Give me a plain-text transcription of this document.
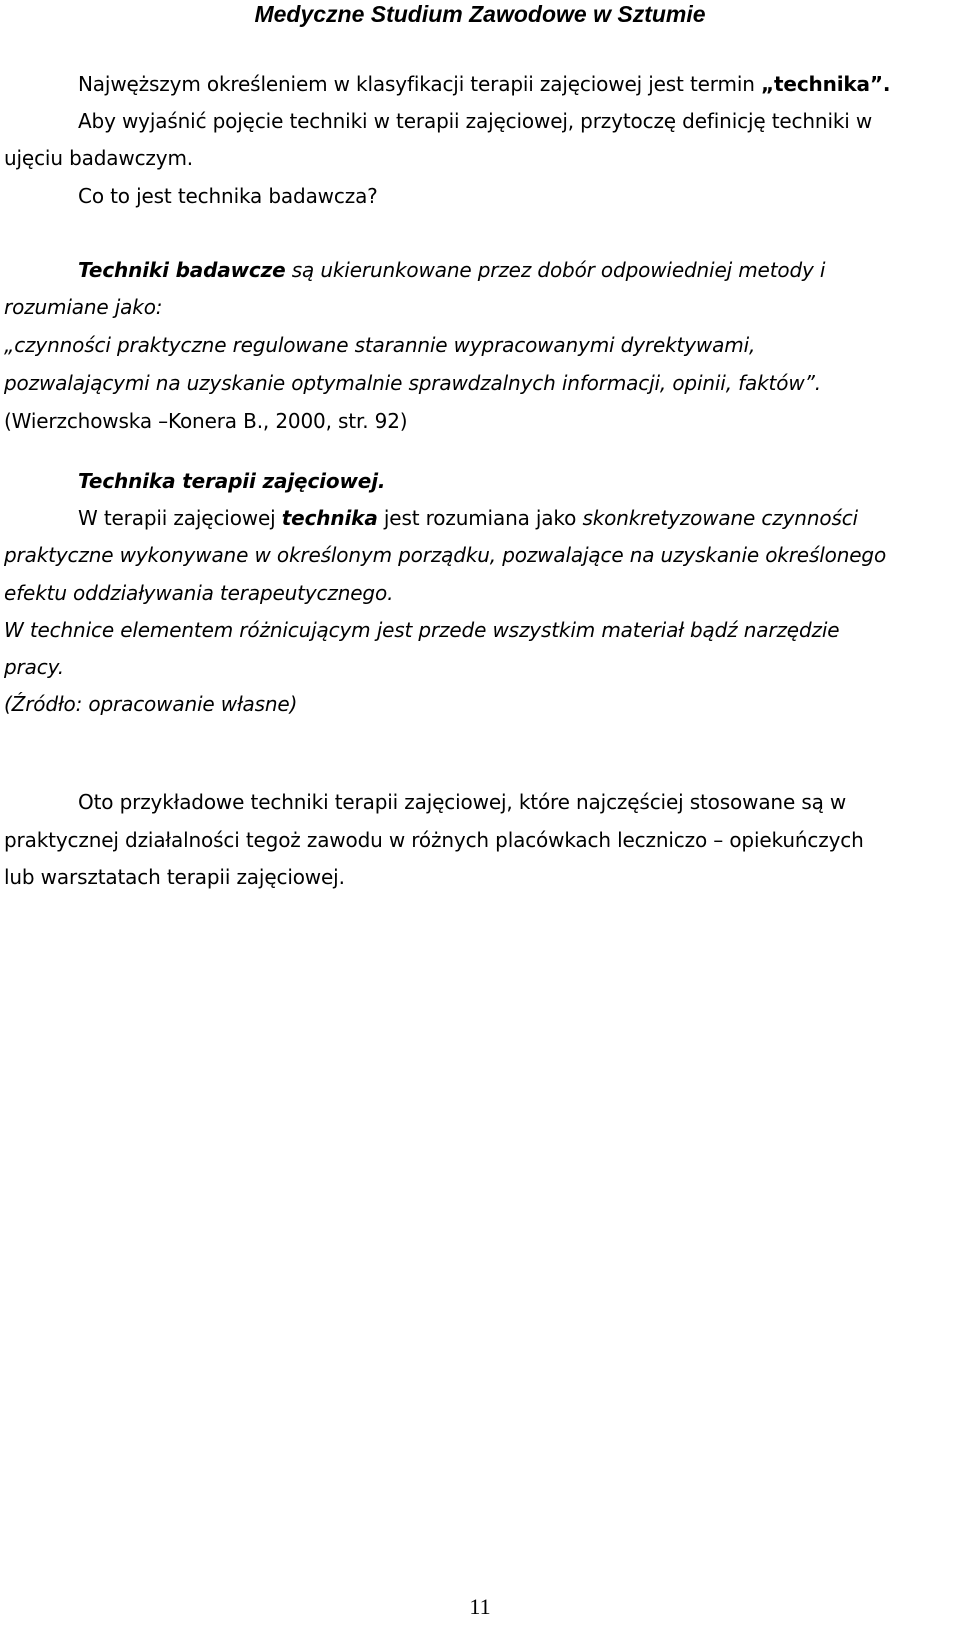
Medyczne Studium Zawodowe w Sztumie
Najwęższym określeniem w klasyfikacji terapii zajęciowej jest termin „technika”.
Aby wyjaśnić pojęcie techniki w terapii zajęciowej, przytoczę definicję techniki w
ujęciu badawczym.
Co to jest technika badawcza?
Techniki badawcze są ukierunkowane przez dobór odpowiedniej metody i
rozumiane jako:
„czynności praktyczne regulowane starannie wypracowanymi dyrektywami,
pozwalającymi na uzyskanie optymalnie sprawdzalnych informacji, opinii, faktów”.
(Wierzchowska –Konera B., 2000, str. 92)
Technika terapii zajęciowej.
W terapii zajęciowej technika jest rozumiana jako skonkretyzowane czynności
praktyczne wykonywane w określonym porządku, pozwalające na uzyskanie określonego
efektu oddziaływania terapeutycznego.
W technice elementem różnicującym jest przede wszystkim materiał bądź narzędzie
pracy.
(Źródło: opracowanie własne)
Oto przykładowe techniki terapii zajęciowej, które najczęściej stosowane są w
praktycznej działalności tegoż zawodu w różnych placówkach leczniczo – opiekuńczych
lub warsztatach terapii zajęciowej.
11
